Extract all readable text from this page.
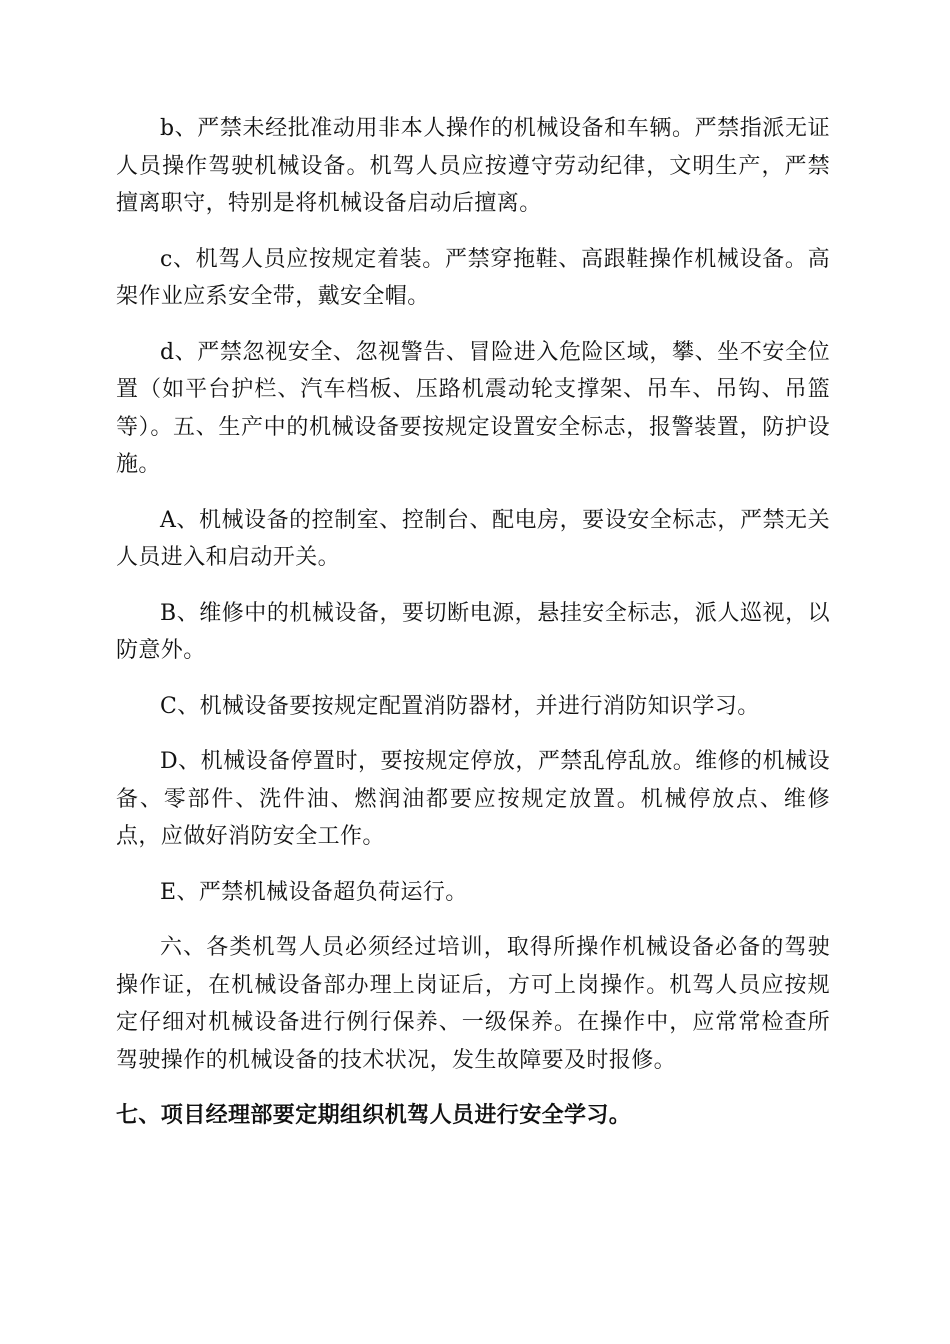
b、严禁未经批准动用非本人操作的机械设备和车辆。严禁指派无证人员操作驾驶机械设备。机驾人员应按遵守劳动纪律，文明生产，严禁擅离职守，特别是将机械设备启动后擅离。

c、机驾人员应按规定着装。严禁穿拖鞋、高跟鞋操作机械设备。高架作业应系安全带，戴安全帽。

d、严禁忽视安全、忽视警告、冒险进入危险区域，攀、坐不安全位置（如平台护栏、汽车档板、压路机震动轮支撑架、吊车、吊钩、吊篮等）。五、生产中的机械设备要按规定设置安全标志，报警装置，防护设施。

A、机械设备的控制室、控制台、配电房，要设安全标志，严禁无关人员进入和启动开关。

B、维修中的机械设备，要切断电源，悬挂安全标志，派人巡视，以防意外。

C、机械设备要按规定配置消防器材，并进行消防知识学习。

D、机械设备停置时，要按规定停放，严禁乱停乱放。维修的机械设备、零部件、洗件油、燃润油都要应按规定放置。机械停放点、维修点，应做好消防安全工作。

E、严禁机械设备超负荷运行。

六、各类机驾人员必须经过培训，取得所操作机械设备必备的驾驶操作证，在机械设备部办理上岗证后，方可上岗操作。机驾人员应按规定仔细对机械设备进行例行保养、一级保养。在操作中，应常常检查所驾驶操作的机械设备的技术状况，发生故障要及时报修。

七、项目经理部要定期组织机驾人员进行安全学习。
